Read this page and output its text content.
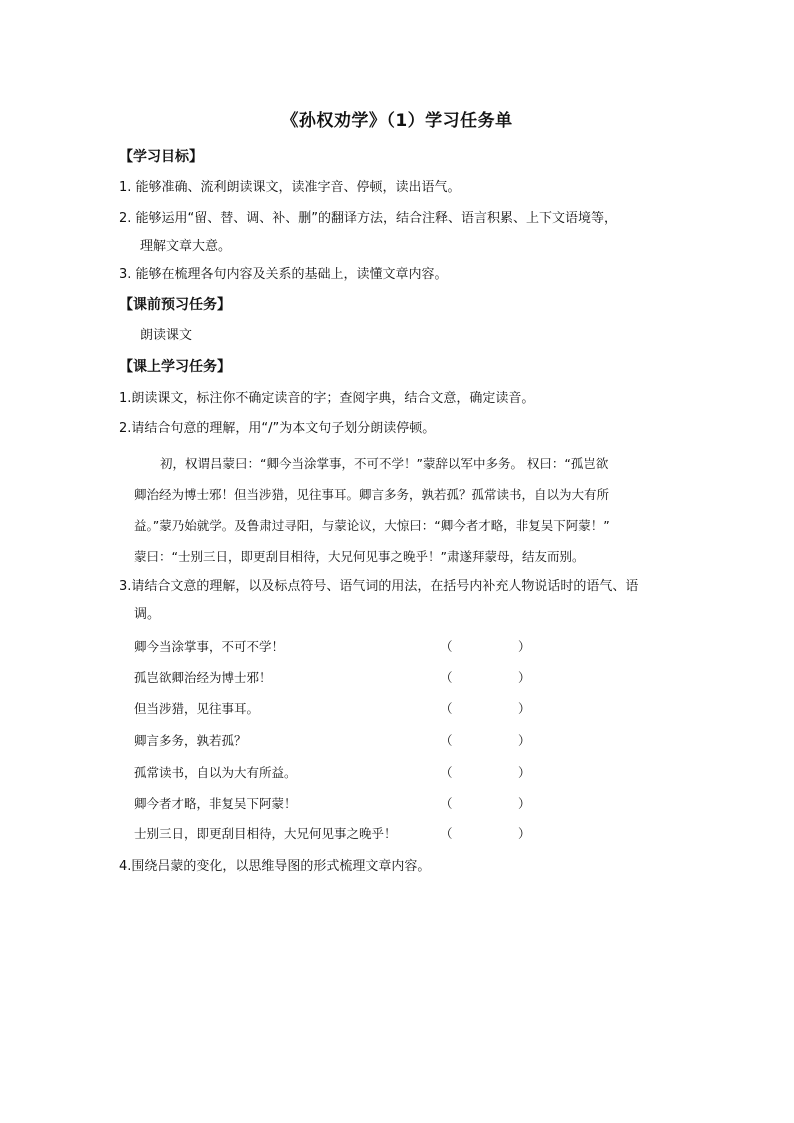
《孙权劝学》（1）学习任务单
【学习目标】
1. 能够准确、流利朗读课文，读准字音、停顿，读出语气。
2. 能够运用“留、替、调、补、删”的翻译方法，结合注释、语言积累、上下文语境等，
理解文章大意。
3. 能够在梳理各句内容及关系的基础上，读懂文章内容。
【课前预习任务】
朗读课文
【课上学习任务】
1.朗读课文，标注你不确定读音的字；查阅字典，结合文意，确定读音。
2.请结合句意的理解，用“/”为本文句子划分朗读停顿。

初，权谓吕蒙曰：“卿今当涂掌事，不可不学！”蒙辞以军中多务。 权曰：“孤岂欲

卿治经为博士邪！但当涉猎，见往事耳。卿言多务，孰若孤？孤常读书，自以为大有所

益。”蒙乃始就学。及鲁肃过寻阳，与蒙论议，大惊曰：“卿今者才略，非复吴下阿蒙！”

蒙曰：“士别三日，即更刮目相待，大兄何见事之晚乎！”肃遂拜蒙母，结友而别。

3.请结合文意的理解，以及标点符号、语气词的用法，在括号内补充人物说话时的语气、语
调。
卿今当涂掌事，不可不学！	（	）
孤岂欲卿治经为博士邪！	（	）
但当涉猎，见往事耳。	（	）
卿言多务，孰若孤？	（	）
孤常读书，自以为大有所益。	（	）
卿今者才略，非复吴下阿蒙！	（	）
士别三日，即更刮目相待，大兄何见事之晚乎！	（	）
4.围绕吕蒙的变化，以思维导图的形式梳理文章内容。
